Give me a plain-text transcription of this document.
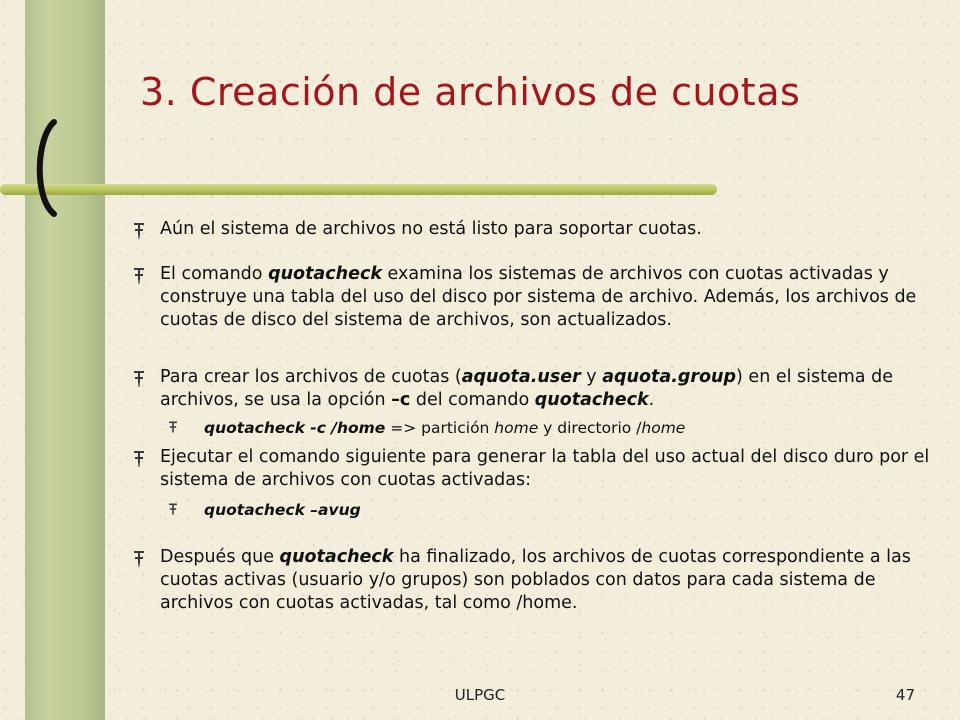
3. Creación de archivos de cuotas
Aún el sistema de archivos no está listo para soportar cuotas.
El comando quotacheck examina los sistemas de archivos con cuotas activadas y construye una tabla del uso del disco por sistema de archivo. Además, los archivos de cuotas de disco del sistema de archivos, son actualizados.
Para crear los archivos de cuotas (aquota.user y aquota.group) en el sistema de archivos, se usa la opción –c del comando quotacheck.
quotacheck -c /home => partición home y directorio /home
Ejecutar el comando siguiente para generar la tabla del uso actual del disco duro por el sistema de archivos con cuotas activadas:
quotacheck –avug
Después que quotacheck ha finalizado, los archivos de cuotas correspondiente a las cuotas activas (usuario y/o grupos) son poblados con datos para cada sistema de archivos con cuotas activadas, tal como /home.
ULPGC	47
